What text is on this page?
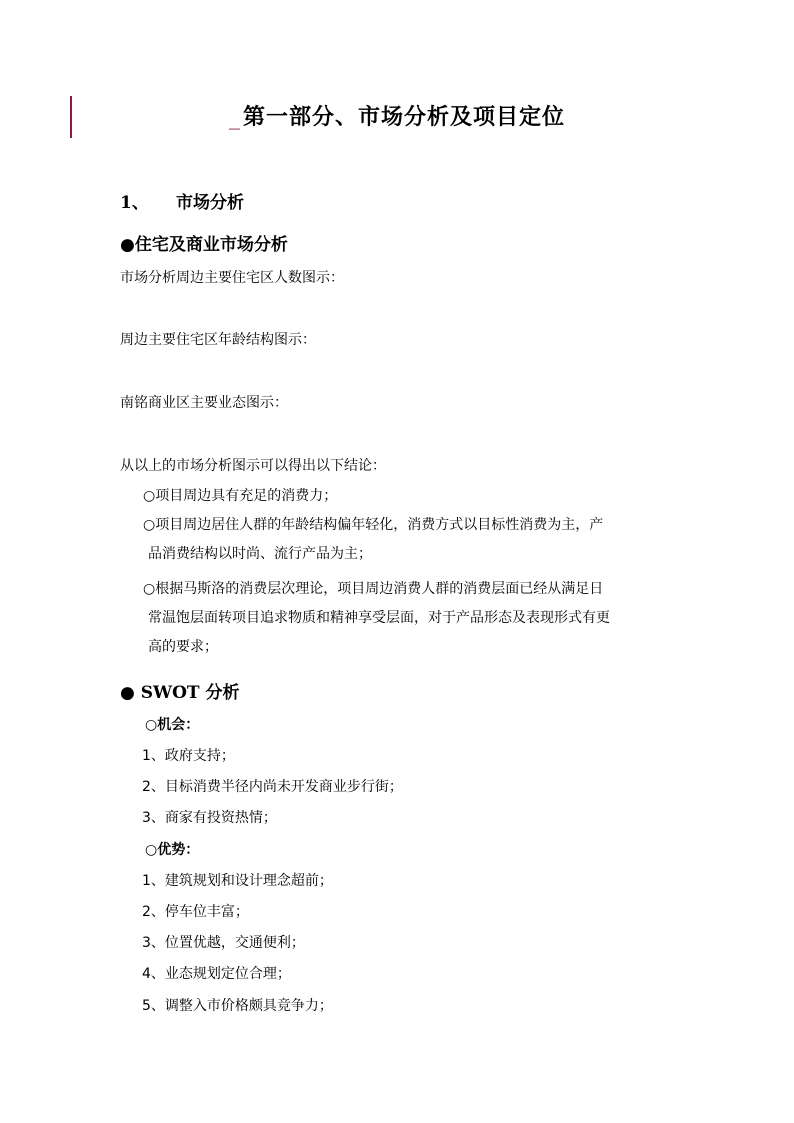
_第一部分、市场分析及项目定位
1、 市场分析
●住宅及商业市场分析
市场分析周边主要住宅区人数图示：
周边主要住宅区年龄结构图示：
南铭商业区主要业态图示：
从以上的市场分析图示可以得出以下结论：
○项目周边具有充足的消费力；
○项目周边居住人群的年龄结构偏年轻化，消费方式以目标性消费为主，产
品消费结构以时尚、流行产品为主；
○根据马斯洛的消费层次理论，项目周边消费人群的消费层面已经从满足日
常温饱层面转项目追求物质和精神享受层面，对于产品形态及表现形式有更
高的要求；
● SWOT 分析
○机会：
1、政府支持；
2、目标消费半径内尚未开发商业步行街；
3、商家有投资热情；
○优势：
1、建筑规划和设计理念超前；
2、停车位丰富；
3、位置优越，交通便利；
4、业态规划定位合理；
5、调整入市价格颇具竞争力；
